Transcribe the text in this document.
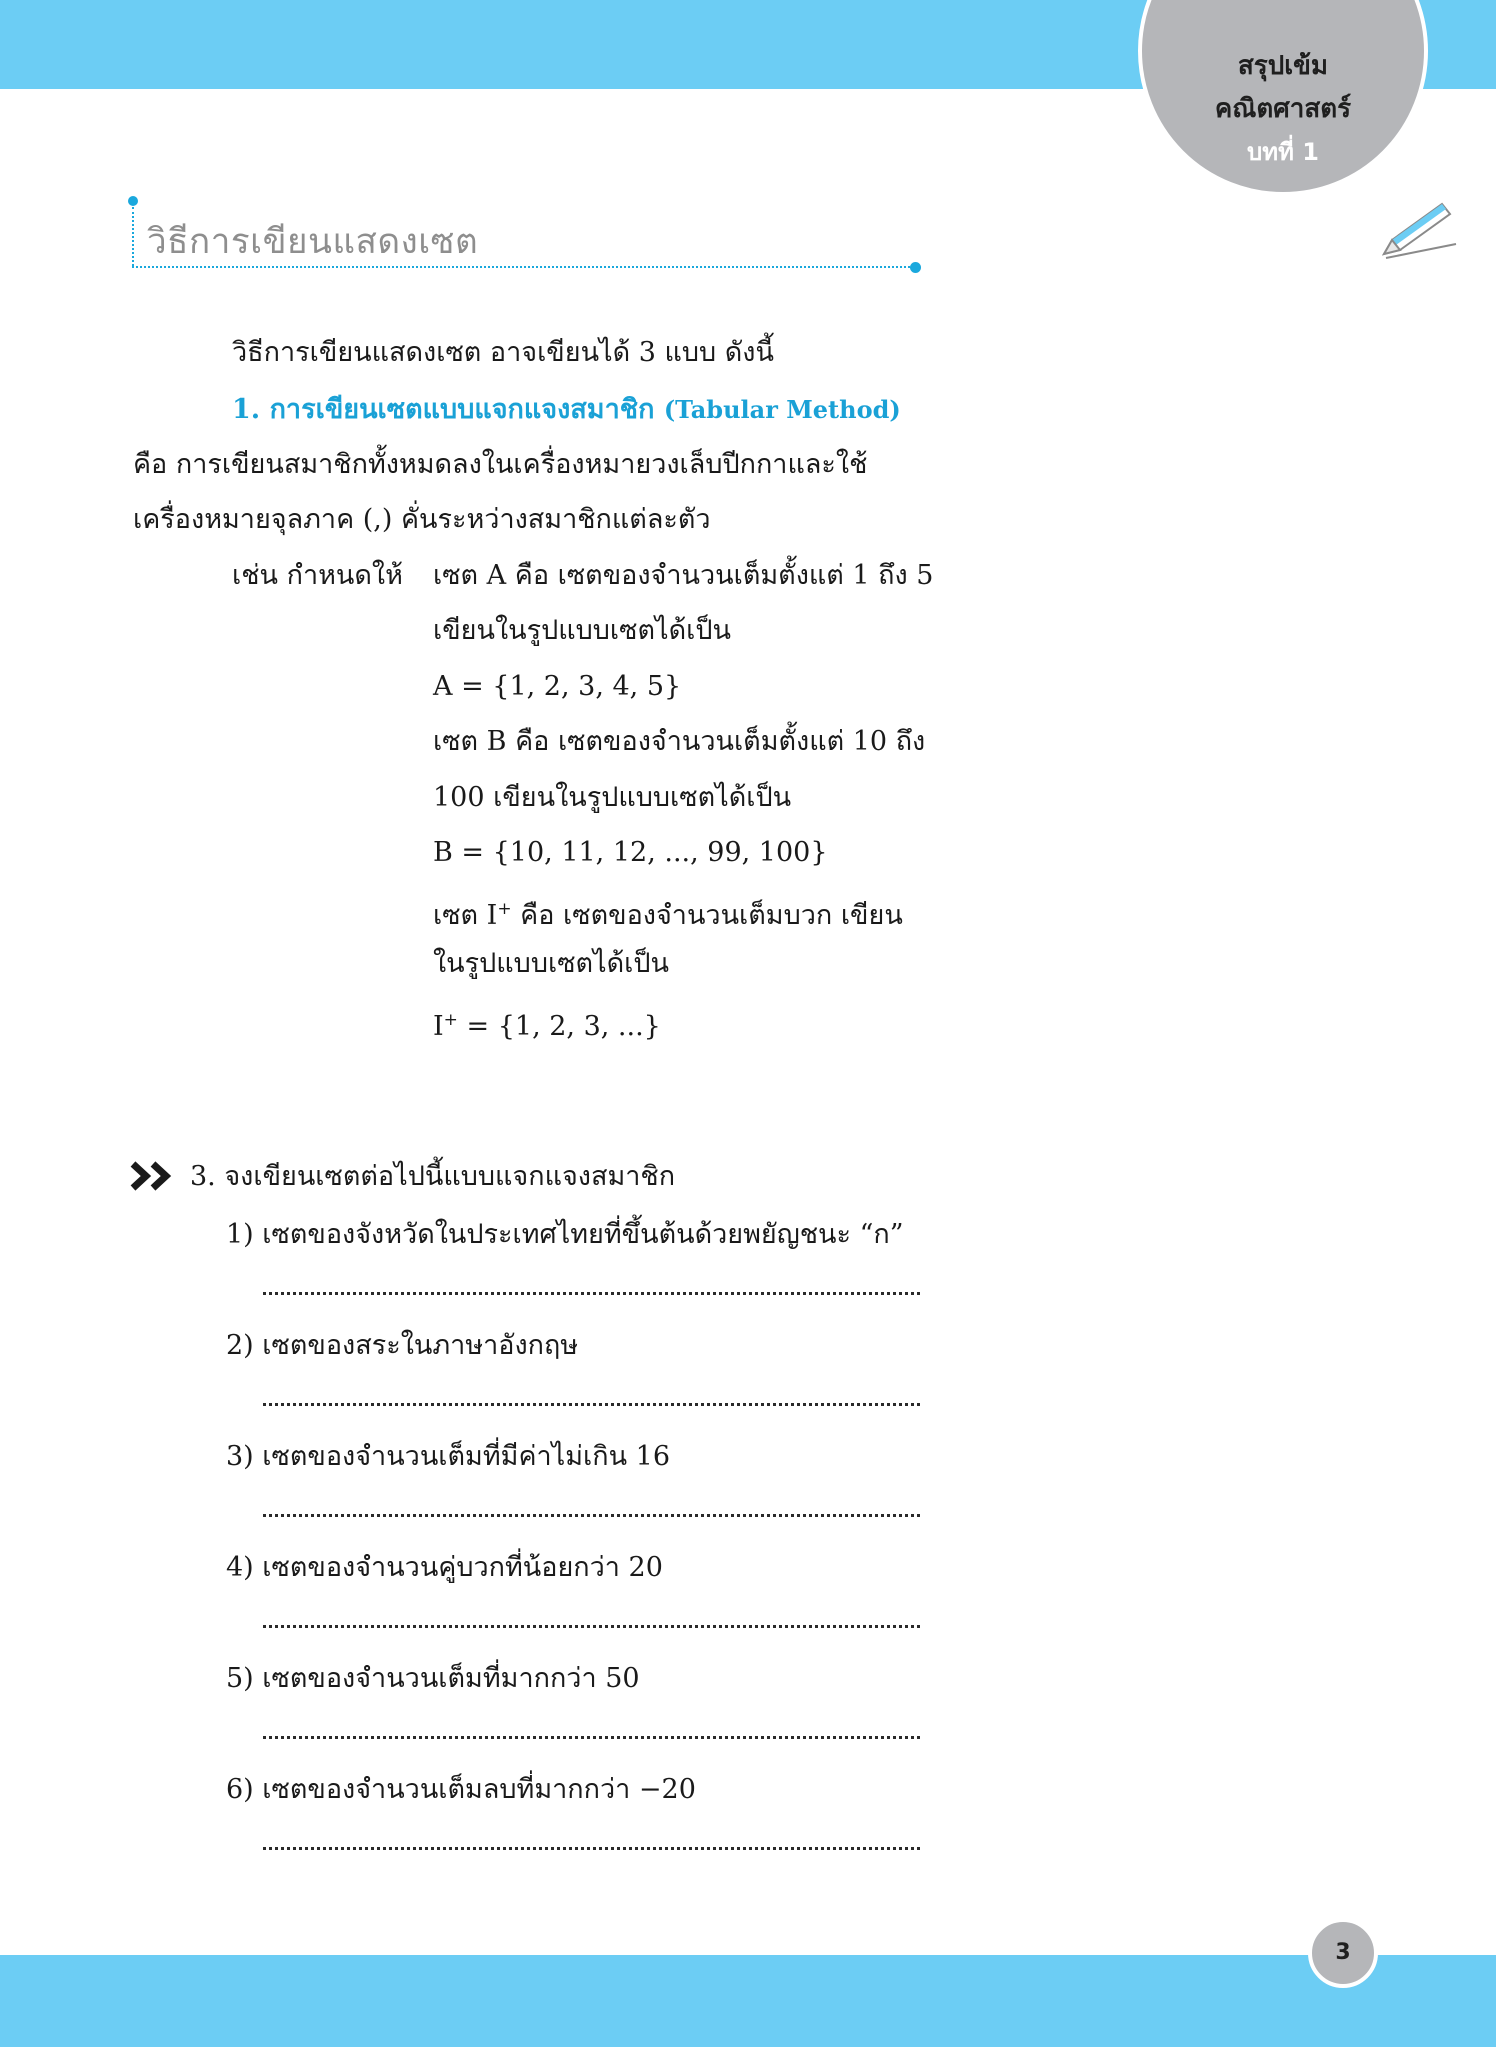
สรุปเข้ม
คณิตศาสตร์
บทที่ 1
วิธีการเขียนแสดงเซต
วิธีการเขียนแสดงเซต อาจเขียนได้ 3 แบบ ดังนี้
1. การเขียนเซตแบบแจกแจงสมาชิก (Tabular Method)
คือ การเขียนสมาชิกทั้งหมดลงในเครื่องหมายวงเล็บปีกกาและใช้
เครื่องหมายจุลภาค (,) คั่นระหว่างสมาชิกแต่ละตัว
เช่น กำหนดให้ เซต A คือ เซตของจำนวนเต็มตั้งแต่ 1 ถึง 5
เขียนในรูปแบบเซตได้เป็น
A = {1, 2, 3, 4, 5}
เซต B คือ เซตของจำนวนเต็มตั้งแต่ 10 ถึง
100 เขียนในรูปแบบเซตได้เป็น
B = {10, 11, 12, ..., 99, 100}
เซต I+ คือ เซตของจำนวนเต็มบวก เขียน
ในรูปแบบเซตได้เป็น
I+ = {1, 2, 3, ...}
3. จงเขียนเซตต่อไปนี้แบบแจกแจงสมาชิก
1) เซตของจังหวัดในประเทศไทยที่ขึ้นต้นด้วยพยัญชนะ “ก”
2) เซตของสระในภาษาอังกฤษ
3) เซตของจำนวนเต็มที่มีค่าไม่เกิน 16
4) เซตของจำนวนคู่บวกที่น้อยกว่า 20
5) เซตของจำนวนเต็มที่มากกว่า 50
6) เซตของจำนวนเต็มลบที่มากกว่า −20
3
